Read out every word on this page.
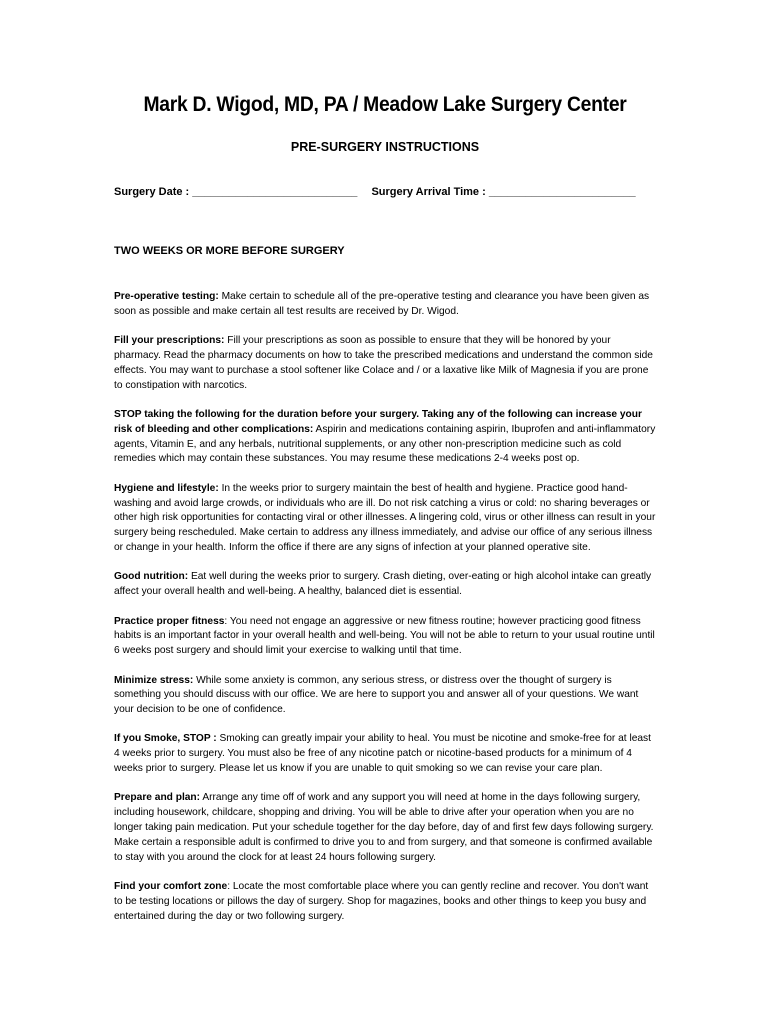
Mark D. Wigod, MD, PA / Meadow Lake Surgery Center
PRE-SURGERY INSTRUCTIONS
Surgery Date : ___________________________ Surgery Arrival Time : ________________________
TWO WEEKS OR MORE BEFORE SURGERY

Pre-operative testing: Make certain to schedule all of the pre-operative testing and clearance you have been given as soon as possible and make certain all test results are received by Dr. Wigod.

Fill your prescriptions: Fill your prescriptions as soon as possible to ensure that they will be honored by your pharmacy. Read the pharmacy documents on how to take the prescribed medications and understand the common side effects. You may want to purchase a stool softener like Colace and / or a laxative like Milk of Magnesia if you are prone to constipation with narcotics.

STOP taking the following for the duration before your surgery. Taking any of the following can increase your risk of bleeding and other complications: Aspirin and medications containing aspirin, Ibuprofen and anti-inflammatory agents, Vitamin E, and any herbals, nutritional supplements, or any other non-prescription medicine such as cold remedies which may contain these substances. You may resume these medications 2-4 weeks post op.

Hygiene and lifestyle: In the weeks prior to surgery maintain the best of health and hygiene. Practice good hand-washing and avoid large crowds, or individuals who are ill. Do not risk catching a virus or cold: no sharing beverages or other high risk opportunities for contacting viral or other illnesses. A lingering cold, virus or other illness can result in your surgery being rescheduled. Make certain to address any illness immediately, and advise our office of any serious illness or change in your health. Inform the office if there are any signs of infection at your planned operative site.

Good nutrition: Eat well during the weeks prior to surgery. Crash dieting, over-eating or high alcohol intake can greatly affect your overall health and well-being. A healthy, balanced diet is essential.

Practice proper fitness: You need not engage an aggressive or new fitness routine; however practicing good fitness habits is an important factor in your overall health and well-being. You will not be able to return to your usual routine until 6 weeks post surgery and should limit your exercise to walking until that time.

Minimize stress: While some anxiety is common, any serious stress, or distress over the thought of surgery is something you should discuss with our office. We are here to support you and answer all of your questions. We want your decision to be one of confidence.

If you Smoke, STOP : Smoking can greatly impair your ability to heal. You must be nicotine and smoke-free for at least 4 weeks prior to surgery. You must also be free of any nicotine patch or nicotine-based products for a minimum of 4 weeks prior to surgery. Please let us know if you are unable to quit smoking so we can revise your care plan.

Prepare and plan: Arrange any time off of work and any support you will need at home in the days following surgery, including housework, childcare, shopping and driving. You will be able to drive after your operation when you are no longer taking pain medication. Put your schedule together for the day before, day of and first few days following surgery. Make certain a responsible adult is confirmed to drive you to and from surgery, and that someone is confirmed available to stay with you around the clock for at least 24 hours following surgery.

Find your comfort zone: Locate the most comfortable place where you can gently recline and recover. You don't want to be testing locations or pillows the day of surgery. Shop for magazines, books and other things to keep you busy and entertained during the day or two following surgery.
